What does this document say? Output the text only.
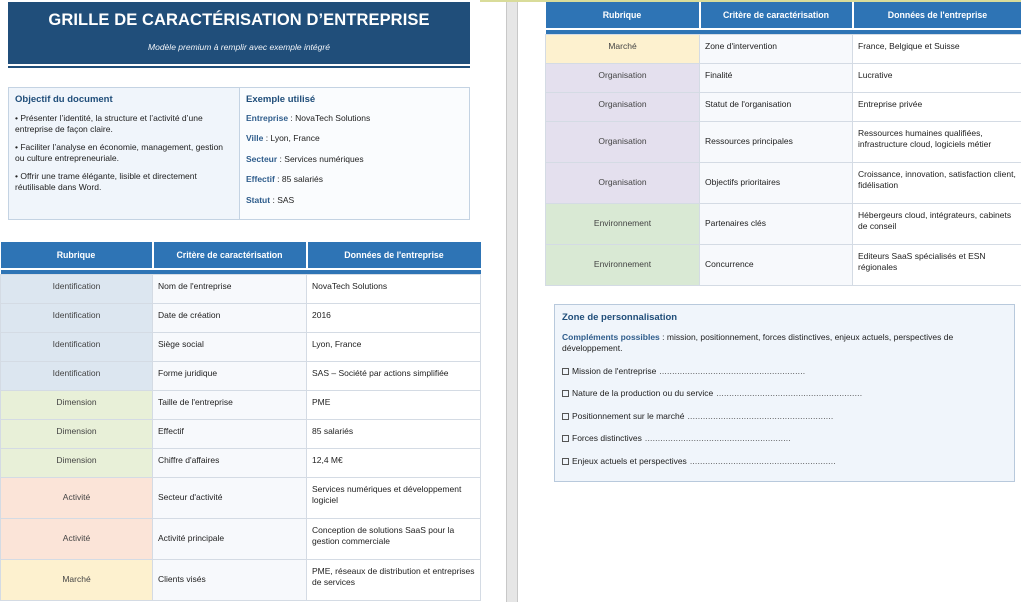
GRILLE DE CARACTÉRISATION D’ENTREPRISE
Modèle premium à remplir avec exemple intégré
Objectif du document

• Présenter l’identité, la structure et l’activité d’une entreprise de façon claire.

• Faciliter l’analyse en économie, management, gestion ou culture entrepreneuriale.

• Offrir une trame élégante, lisible et directement réutilisable dans Word.

Exemple utilisé

Entreprise : NovaTech Solutions

Ville : Lyon, France

Secteur : Services numériques

Effectif : 85 salariés

Statut : SAS

Rubrique	Critère de caractérisation	Données de l'entreprise

Identification	Nom de l'entreprise	NovaTech Solutions
Identification	Date de création	2016
Identification	Siège social	Lyon, France
Identification	Forme juridique	SAS – Société par actions simplifiée
Dimension	Taille de l'entreprise	PME
Dimension	Effectif	85 salariés
Dimension	Chiffre d'affaires	12,4 M€
Activité	Secteur d'activité	Services numériques et développement logiciel
Activité	Activité principale	Conception de solutions SaaS pour la gestion commerciale
Marché	Clients visés	PME, réseaux de distribution et entreprises de services
Rubrique	Critère de caractérisation	Données de l'entreprise

Marché	Zone d'intervention	France, Belgique et Suisse
Organisation	Finalité	Lucrative
Organisation	Statut de l'organisation	Entreprise privée
Organisation	Ressources principales	Ressources humaines qualifiées, infrastructure cloud, logiciels métier
Organisation	Objectifs prioritaires	Croissance, innovation, satisfaction client, fidélisation
Environnement	Partenaires clés	Hébergeurs cloud, intégrateurs, cabinets de conseil
Environnement	Concurrence	Editeurs SaaS spécialisés et ESN régionales
Zone de personnalisation
Compléments possibles : mission, positionnement, forces distinctives, enjeux actuels, perspectives de développement.
Mission de l'entreprise .........................................................
Nature de la production ou du service .........................................................
Positionnement sur le marché .........................................................
Forces distinctives .........................................................
Enjeux actuels et perspectives .........................................................
